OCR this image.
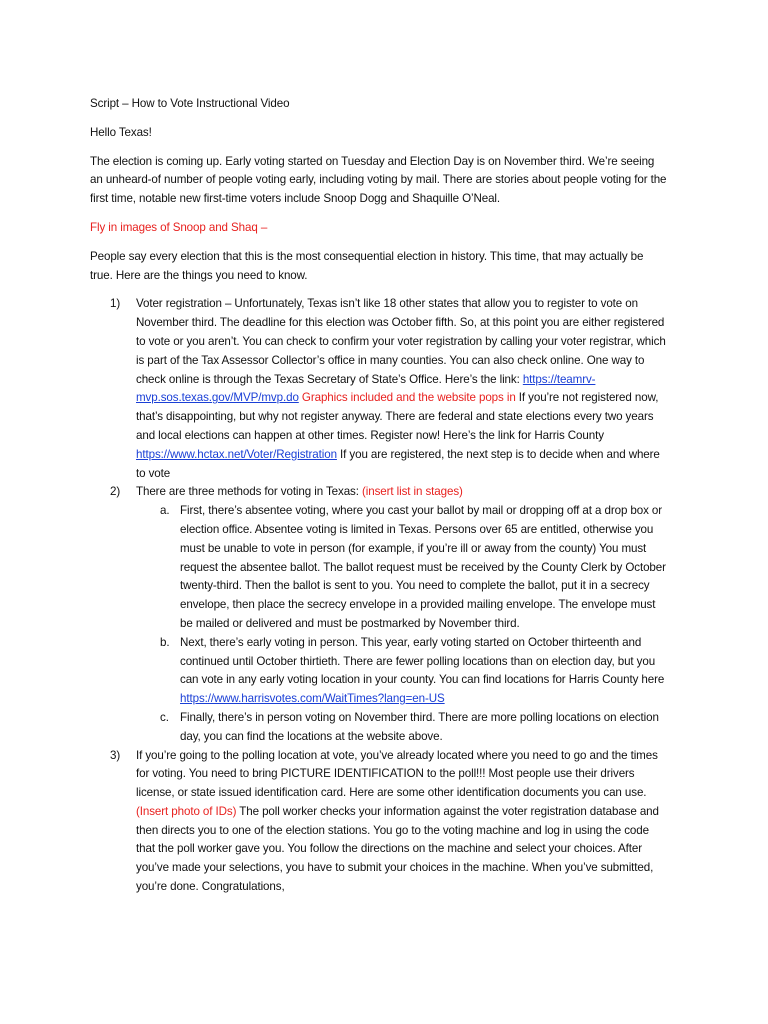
Script – How to Vote Instructional Video

Hello Texas!

The election is coming up. Early voting started on Tuesday and Election Day is on November third. We’re seeing an unheard-of number of people voting early, including voting by mail. There are stories about people voting for the first time, notable new first-time voters include Snoop Dogg and Shaquille O’Neal.

Fly in images of Snoop and Shaq –

People say every election that this is the most consequential election in history. This time, that may actually be true. Here are the things you need to know.

1) Voter registration – Unfortunately, Texas isn’t like 18 other states that allow you to register to vote on November third. The deadline for this election was October fifth. So, at this point you are either registered to vote or you aren’t. You can check to confirm your voter registration by calling your voter registrar, which is part of the Tax Assessor Collector’s office in many counties. You can also check online. One way to check online is through the Texas Secretary of State’s Office. Here’s the link: https://teamrv-mvp.sos.texas.gov/MVP/mvp.do Graphics included and the website pops in If you’re not registered now, that’s disappointing, but why not register anyway. There are federal and state elections every two years and local elections can happen at other times. Register now! Here’s the link for Harris County https://www.hctax.net/Voter/Registration If you are registered, the next step is to decide when and where to vote
2) There are three methods for voting in Texas: (insert list in stages)
a. First, there’s absentee voting, where you cast your ballot by mail or dropping off at a drop box or election office. Absentee voting is limited in Texas. Persons over 65 are entitled, otherwise you must be unable to vote in person (for example, if you’re ill or away from the county) You must request the absentee ballot. The ballot request must be received by the County Clerk by October twenty-third. Then the ballot is sent to you. You need to complete the ballot, put it in a secrecy envelope, then place the secrecy envelope in a provided mailing envelope. The envelope must be mailed or delivered and must be postmarked by November third.
b. Next, there’s early voting in person. This year, early voting started on October thirteenth and continued until October thirtieth. There are fewer polling locations than on election day, but you can vote in any early voting location in your county. You can find locations for Harris County here https://www.harrisvotes.com/WaitTimes?lang=en-US
c. Finally, there’s in person voting on November third. There are more polling locations on election day, you can find the locations at the website above.
3) If you’re going to the polling location at vote, you’ve already located where you need to go and the times for voting. You need to bring PICTURE IDENTIFICATION to the poll!!! Most people use their drivers license, or state issued identification card. Here are some other identification documents you can use. (Insert photo of IDs) The poll worker checks your information against the voter registration database and then directs you to one of the election stations. You go to the voting machine and log in using the code that the poll worker gave you. You follow the directions on the machine and select your choices. After you’ve made your selections, you have to submit your choices in the machine. When you’ve submitted, you’re done. Congratulations,
